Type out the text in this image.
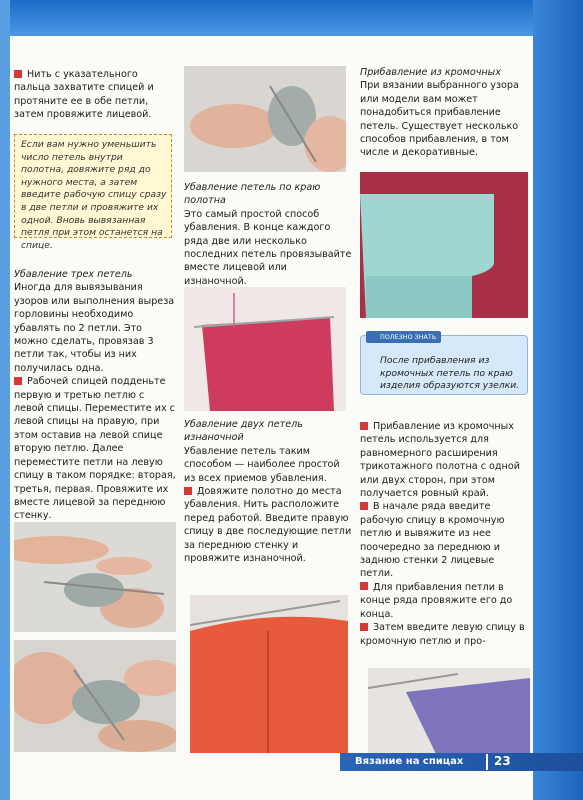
Нить с указательного пальца захватите спицей и протяните ее в обе петли, затем провяжите лицевой.
Если вам нужно уменьшить число петель внутри полотна, довяжите ряд до нужного места, а затем введите рабочую спицу сразу в две петли и провяжите их одной. Вновь вывязанная петля при этом останется на спице.
Убавление трех петель
Иногда для вывязывания узоров или выполнения выреза горловины необходимо убавлять по 2 петли. Это можно сделать, провязав 3 петли так, чтобы из них получилась одна.
Рабочей спицей подденьте первую и третью петлю с левой спицы. Переместите их с левой спицы на правую, при этом оставив на левой спице вторую петлю. Далее переместите петли на левую спицу в таком порядке: вторая, третья, первая. Провяжите их вместе лицевой за переднюю стенку.
Убавление петель по краю полотна
Это самый простой способ убавления. В конце каждого ряда две или несколько последних петель провязывайте вместе лицевой или изнаночной.
Убавление двух петель изнаночной
Убавление петель таким способом — наиболее простой из всех приемов убавления.
Довяжите полотно до места убавления. Нить расположите перед работой. Введите правую спицу в две последующие петли за переднюю стенку и провяжите изнаночной.
Прибавление из кромочных
При вязании выбранного узора или модели вам может понадобиться прибавление петель. Существует несколько способов прибавления, в том числе и декоративные.
ПОЛЕЗНО ЗНАТЬ
После прибавления из кромочных петель по краю изделия образуются узелки.
Прибавление из кромочных петель используется для равномерного расширения трикотажного полотна с одной или двух сторон, при этом получается ровный край.
В начале ряда введите рабочую спицу в кромочную петлю и вывяжите из нее поочередно за переднюю и заднюю стенки 2 лицевые петли.
Для прибавления петли в конце ряда провяжите его до конца.
Затем введите левую спицу в кромочную петлю и про-
Вязание на спицах	23
